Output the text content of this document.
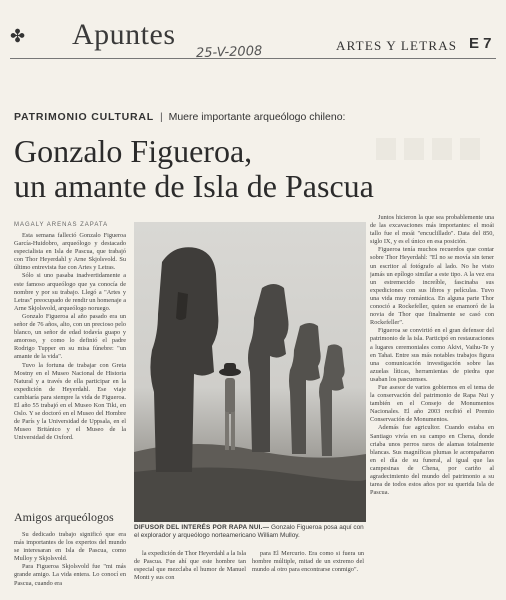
✤ Apuntes
25-V-2008	ARTES Y LETRAS E 7
PATRIMONIO CULTURAL | Muere importante arqueólogo chileno:
Gonzalo Figueroa,
un amante de Isla de Pascua
MAGALY ARENAS ZAPATA

Esta semana falleció Gonzalo Figueroa García-Huidobro, arqueólogo y destacado especialista en Isla de Pascua, que trabajó con Thor Heyerdahl y Arne Skjolsvold. Su último entrevista fue con Artes y Letras.

Sólo si uno pasaba inadvertidamente a este famoso arqueólogo que ya conocía de nombre y por su trabajo. Llegó a "Artes y Letras" preocupado de rendir un homenaje a Arne Skjolsvold, arqueólogo noruego.

Gonzalo Figueroa al año pasado era un señor de 76 años, alto, con un precioso pelo blanco, un señor de edad todavía guapo y amoroso, y como lo definió el padre Rodrigo Tupper en su misa fúnebre: "un amante de la vida".

Tuvo la fortuna de trabajar con Greta Mostny en el Museo Nacional de Historia Natural y a través de ella participar en la expedición de Heyerdahl. Ese viaje cambiaría para siempre la vida de Figueroa. El año 55 trabajó en el Museo Kon Tiki, en Oslo. Y se doctoró en el Museo del Hombre de París y la Universidad de Uppsala, en el Museo Británico y el Museo de la Universidad de Oxford.

Amigos arqueólogos

Su dedicado trabajo significó que era más importantes de los expertos del mundo se interesaran en Isla de Pascua, como Mulloy y Skjolsvold.

Para Figueroa Skjolsvold fue "mi más grande amigo. La vida entera. Lo conocí en Pascua, cuando era

DIFUSOR DEL INTERÉS POR RAPA NUI.— Gonzalo Figueroa posa aquí con el explorador y arqueólogo norteamericano William Mulloy.

la expedición de Thor Heyerdahl a la Isla de Pascua. Fue ahí que este hombre tan especial que mezclaba el humor de Manuel Montt y sus con

para El Mercurio. Era como si fuera un hombre múltiple, mitad de un extremo del mundo al otro para encontrarse conmigo".

Juntos hicieron la que sea probablemente una de las excavaciones más importantes: el moái tallo fue el moái "encuclillado". Data del 850, siglo IX, y es el único en esa posición.

Figueroa tenía muchos recuerdos que contar sobre Thor Heyerdahl: "El no se movía sin tener un escritor al fotógrafo al lado. No he visto jamás un epílogo similar a este tipo. A la vez era un estremecido increíble, fascinaba sus expediciones con sus libros y películas. Tuvo una vida muy romántica. En alguna parte Thor conoció a Rockefeller, quien se enamoró de la novia de Thor que finalmente se casó con Rockefeller".

Figueroa se convirtió en el gran defensor del patrimonio de la isla. Participó en restauraciones a lugares ceremoniales como Akivi, Vaihu-Te y en Tahai. Entre sus más notables trabajos figura una comunicación investigación sobre las azuelas líticas, herramientas de piedra que usaban los pascuenses.

Fue asesor de varios gobiernos en el tema de la conservación del patrimonio de Rapa Nui y también en el Consejo de Monumentos Nacionales. El año 2003 recibió el Premio Conservación de Monumentos.

Además fue agricultor. Cuando estaba en Santiago vivía en su campo en Chena, donde criaba unos perros raros de alamas totalmente blancas. Sus magníficas plumas le acompañaron en el día de su funeral, al igual que las campesinas de Chena, por cariño al agradecimiento del mundo del patrimonio a su tarea de todos estos años por su querida Isla de Pascua.
